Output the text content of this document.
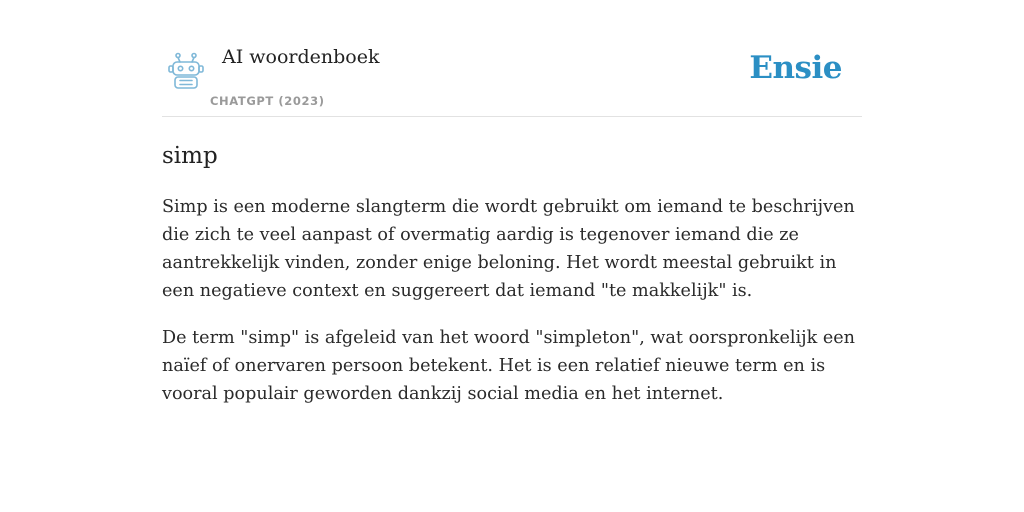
AI woordenboek
CHATGPT (2023)
Ensie
simp

Simp is een moderne slangterm die wordt gebruikt om iemand te beschrijven die zich te veel aanpast of overmatig aardig is tegenover iemand die ze aantrekkelijk vinden, zonder enige beloning. Het wordt meestal gebruikt in een negatieve context en suggereert dat iemand "te makkelijk" is.

De term "simp" is afgeleid van het woord "simpleton", wat oorspronkelijk een naïef of onervaren persoon betekent. Het is een relatief nieuwe term en is vooral populair geworden dankzij social media en het internet.
